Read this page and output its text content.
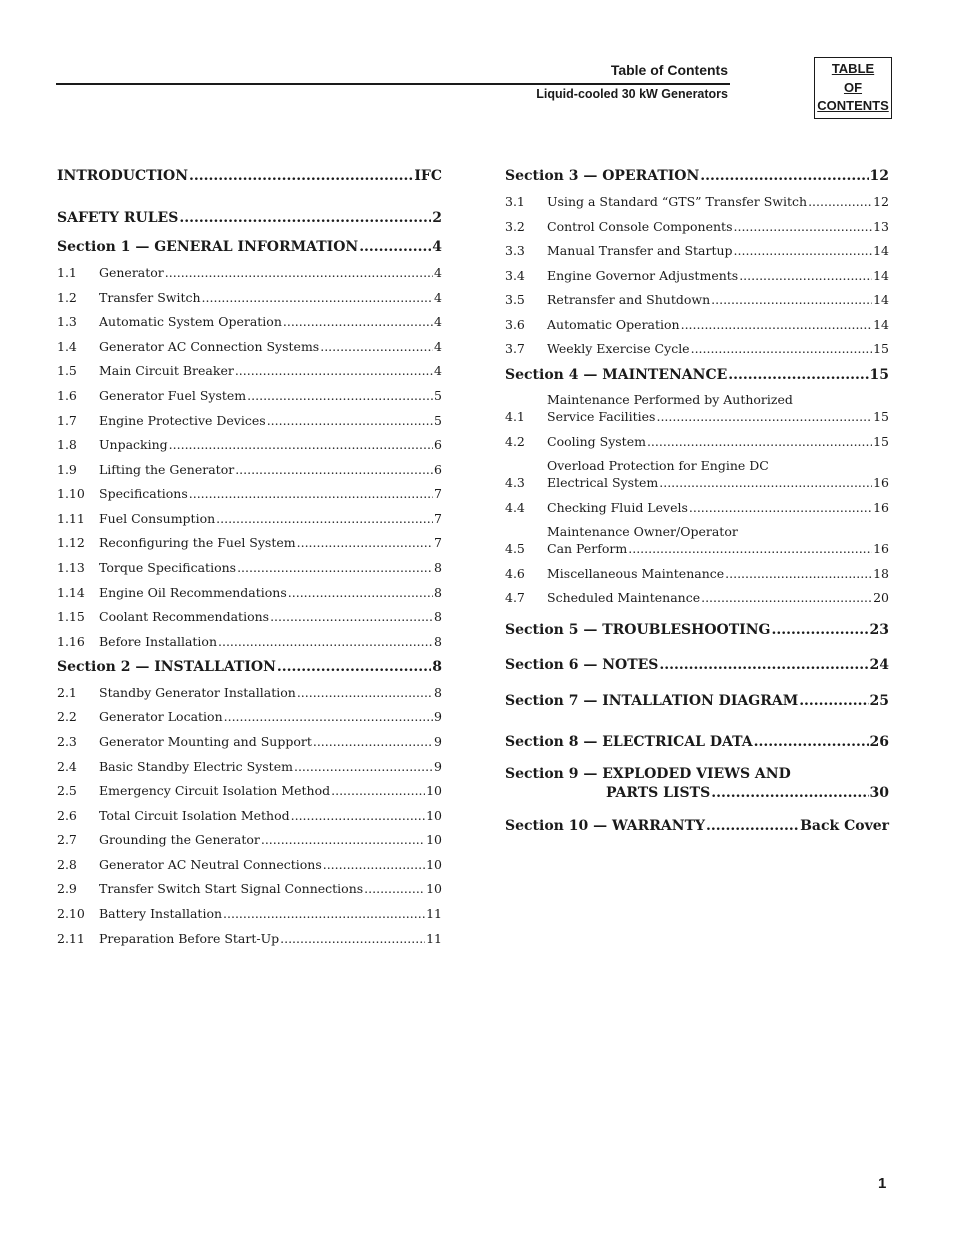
Table of Contents
Liquid-cooled 30 kW Generators
TABLE
OF
CONTENTS
INTRODUCTION .....	IFC
SAFETY RULES .....	2
Section 1 — GENERAL INFORMATION .....	4
1.1	Generator .....	4
1.2	Transfer Switch .....	4
1.3	Automatic System Operation .....	4
1.4	Generator AC Connection Systems .....	4
1.5	Main Circuit Breaker .....	4
1.6	Generator Fuel System .....	5
1.7	Engine Protective Devices .....	5
1.8	Unpacking .....	6
1.9	Lifting the Generator .....	6
1.10	Specifications .....	7
1.11	Fuel Consumption .....	7
1.12	Reconfiguring the Fuel System .....	7
1.13	Torque Specifications .....	8
1.14	Engine Oil Recommendations .....	8
1.15	Coolant Recommendations .....	8
1.16	Before Installation .....	8
Section 2 — INSTALLATION .....	8
2.1	Standby Generator Installation .....	8
2.2	Generator Location .....	9
2.3	Generator Mounting and Support .....	9
2.4	Basic Standby Electric System .....	9
2.5	Emergency Circuit Isolation Method .....	10
2.6	Total Circuit Isolation Method .....	10
2.7	Grounding the Generator .....	10
2.8	Generator AC Neutral Connections .....	10
2.9	Transfer Switch Start Signal Connections .....	10
2.10	Battery Installation .....	11
2.11	Preparation Before Start-Up .....	11
Section 3 — OPERATION .....	12
3.1	Using a Standard “GTS” Transfer Switch .....	12
3.2	Control Console Components .....	13
3.3	Manual Transfer and Startup .....	14
3.4	Engine Governor Adjustments .....	14
3.5	Retransfer and Shutdown .....	14
3.6	Automatic Operation .....	14
3.7	Weekly Exercise Cycle .....	15
Section 4 — MAINTENANCE .....	15
Maintenance Performed by Authorized
4.1	Service Facilities .....	15
4.2	Cooling System .....	15
Overload Protection for Engine DC
4.3	Electrical System .....	16
4.4	Checking Fluid Levels .....	16
Maintenance Owner/Operator
4.5	Can Perform .....	16
4.6	Miscellaneous Maintenance .....	18
4.7	Scheduled Maintenance .....	20
Section 5 — TROUBLESHOOTING .....	23
Section 6 — NOTES .....	24
Section 7 — INTALLATION DIAGRAM .....	25
Section 8 — ELECTRICAL DATA .....	26
Section 9 — EXPLODED VIEWS AND
PARTS LISTS .....	30
Section 10 — WARRANTY .....	Back Cover
1
